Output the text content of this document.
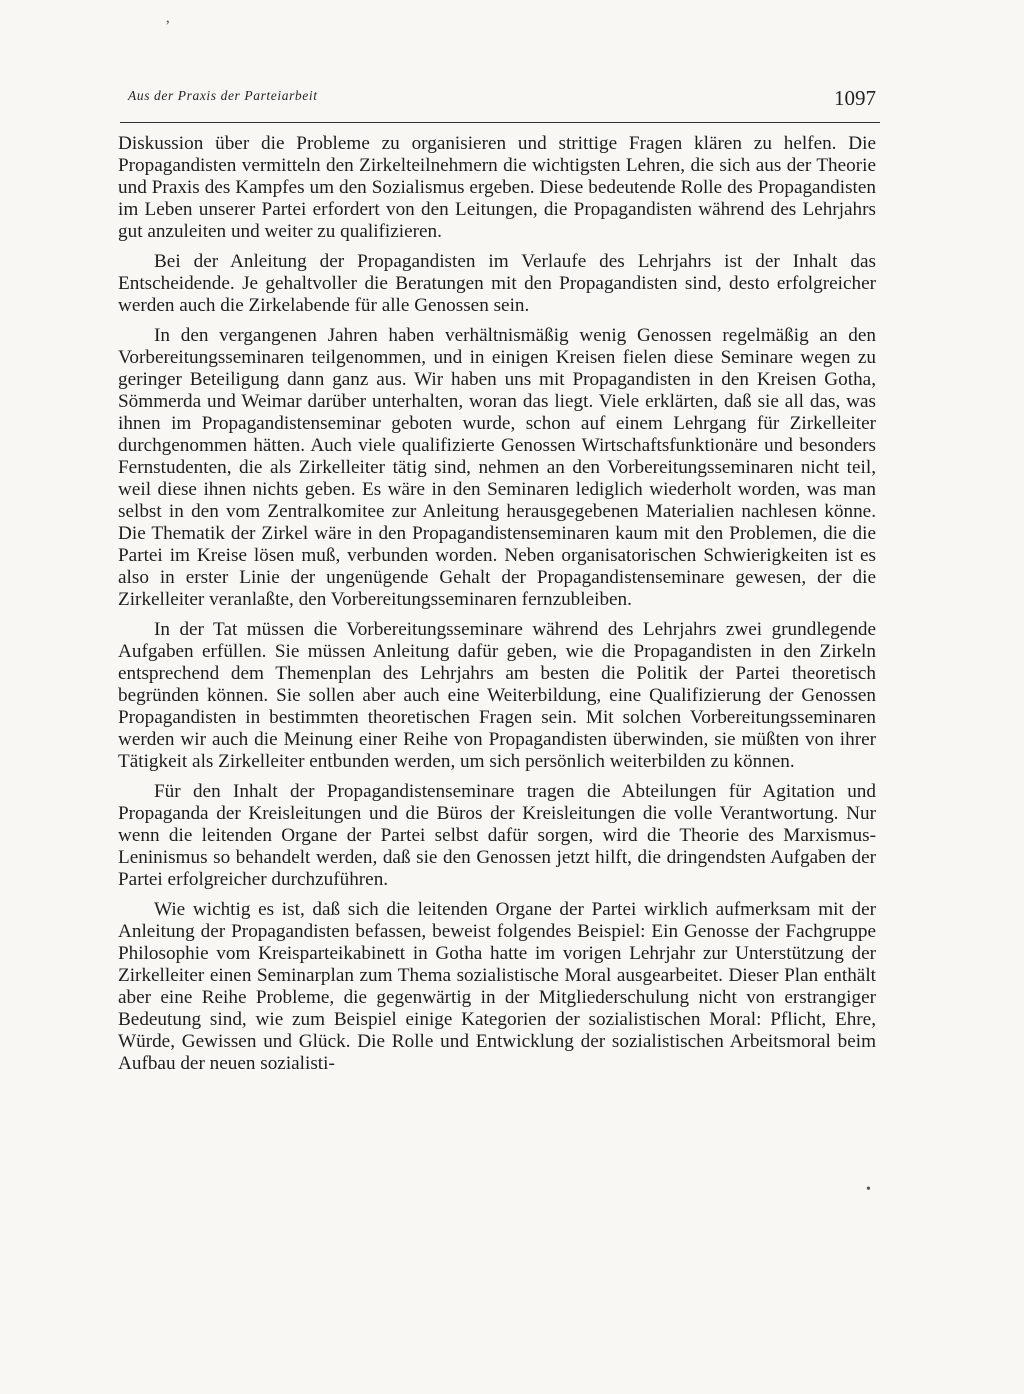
ʼ
•
Aus der Praxis der Parteiarbeit	1097

Diskussion über die Probleme zu organisieren und strittige Fragen klären zu helfen. Die Propagandisten vermitteln den Zirkelteilnehmern die wichtigsten Lehren, die sich aus der Theorie und Praxis des Kampfes um den Sozialismus ergeben. Diese bedeutende Rolle des Propagandisten im Leben unserer Partei erfordert von den Leitungen, die Propagandisten während des Lehrjahrs gut anzuleiten und weiter zu qualifizieren.

Bei der Anleitung der Propagandisten im Verlaufe des Lehrjahrs ist der Inhalt das Entscheidende. Je gehaltvoller die Beratungen mit den Propagandisten sind, desto erfolgreicher werden auch die Zirkelabende für alle Genossen sein.

In den vergangenen Jahren haben verhältnismäßig wenig Genossen regelmäßig an den Vorbereitungsseminaren teilgenommen, und in einigen Kreisen fielen diese Seminare wegen zu geringer Beteiligung dann ganz aus. Wir haben uns mit Propagandisten in den Kreisen Gotha, Sömmerda und Weimar darüber unterhalten, woran das liegt. Viele erklärten, daß sie all das, was ihnen im Propagandistenseminar geboten wurde, schon auf einem Lehrgang für Zirkelleiter durchgenommen hätten. Auch viele qualifizierte Genossen Wirtschaftsfunktionäre und besonders Fernstudenten, die als Zirkelleiter tätig sind, nehmen an den Vorbereitungsseminaren nicht teil, weil diese ihnen nichts geben. Es wäre in den Seminaren lediglich wiederholt worden, was man selbst in den vom Zentralkomitee zur Anleitung herausgegebenen Materialien nachlesen könne. Die Thematik der Zirkel wäre in den Propagandistenseminaren kaum mit den Problemen, die die Partei im Kreise lösen muß, verbunden worden. Neben organisatorischen Schwierigkeiten ist es also in erster Linie der ungenügende Gehalt der Propagandistenseminare gewesen, der die Zirkelleiter veranlaßte, den Vorbereitungsseminaren fernzubleiben.

In der Tat müssen die Vorbereitungsseminare während des Lehrjahrs zwei grundlegende Aufgaben erfüllen. Sie müssen Anleitung dafür geben, wie die Propagandisten in den Zirkeln entsprechend dem Themenplan des Lehrjahrs am besten die Politik der Partei theoretisch begründen können. Sie sollen aber auch eine Weiterbildung, eine Qualifizierung der Genossen Propagandisten in bestimmten theoretischen Fragen sein. Mit solchen Vorbereitungsseminaren werden wir auch die Meinung einer Reihe von Propagandisten überwinden, sie müßten von ihrer Tätigkeit als Zirkelleiter entbunden werden, um sich persönlich weiterbilden zu können.

Für den Inhalt der Propagandistenseminare tragen die Abteilungen für Agitation und Propaganda der Kreisleitungen und die Büros der Kreisleitungen die volle Verantwortung. Nur wenn die leitenden Organe der Partei selbst dafür sorgen, wird die Theorie des Marxismus-Leninismus so behandelt werden, daß sie den Genossen jetzt hilft, die dringendsten Aufgaben der Partei erfolgreicher durchzuführen.

Wie wichtig es ist, daß sich die leitenden Organe der Partei wirklich aufmerksam mit der Anleitung der Propagandisten befassen, beweist folgendes Beispiel: Ein Genosse der Fachgruppe Philosophie vom Kreisparteikabinett in Gotha hatte im vorigen Lehrjahr zur Unterstützung der Zirkelleiter einen Seminarplan zum Thema sozialistische Moral ausgearbeitet. Dieser Plan enthält aber eine Reihe Probleme, die gegenwärtig in der Mitgliederschulung nicht von erstrangiger Bedeutung sind, wie zum Beispiel einige Kategorien der sozialistischen Moral: Pflicht, Ehre, Würde, Gewissen und Glück. Die Rolle und Entwicklung der sozialistischen Arbeitsmoral beim Aufbau der neuen sozialisti-
